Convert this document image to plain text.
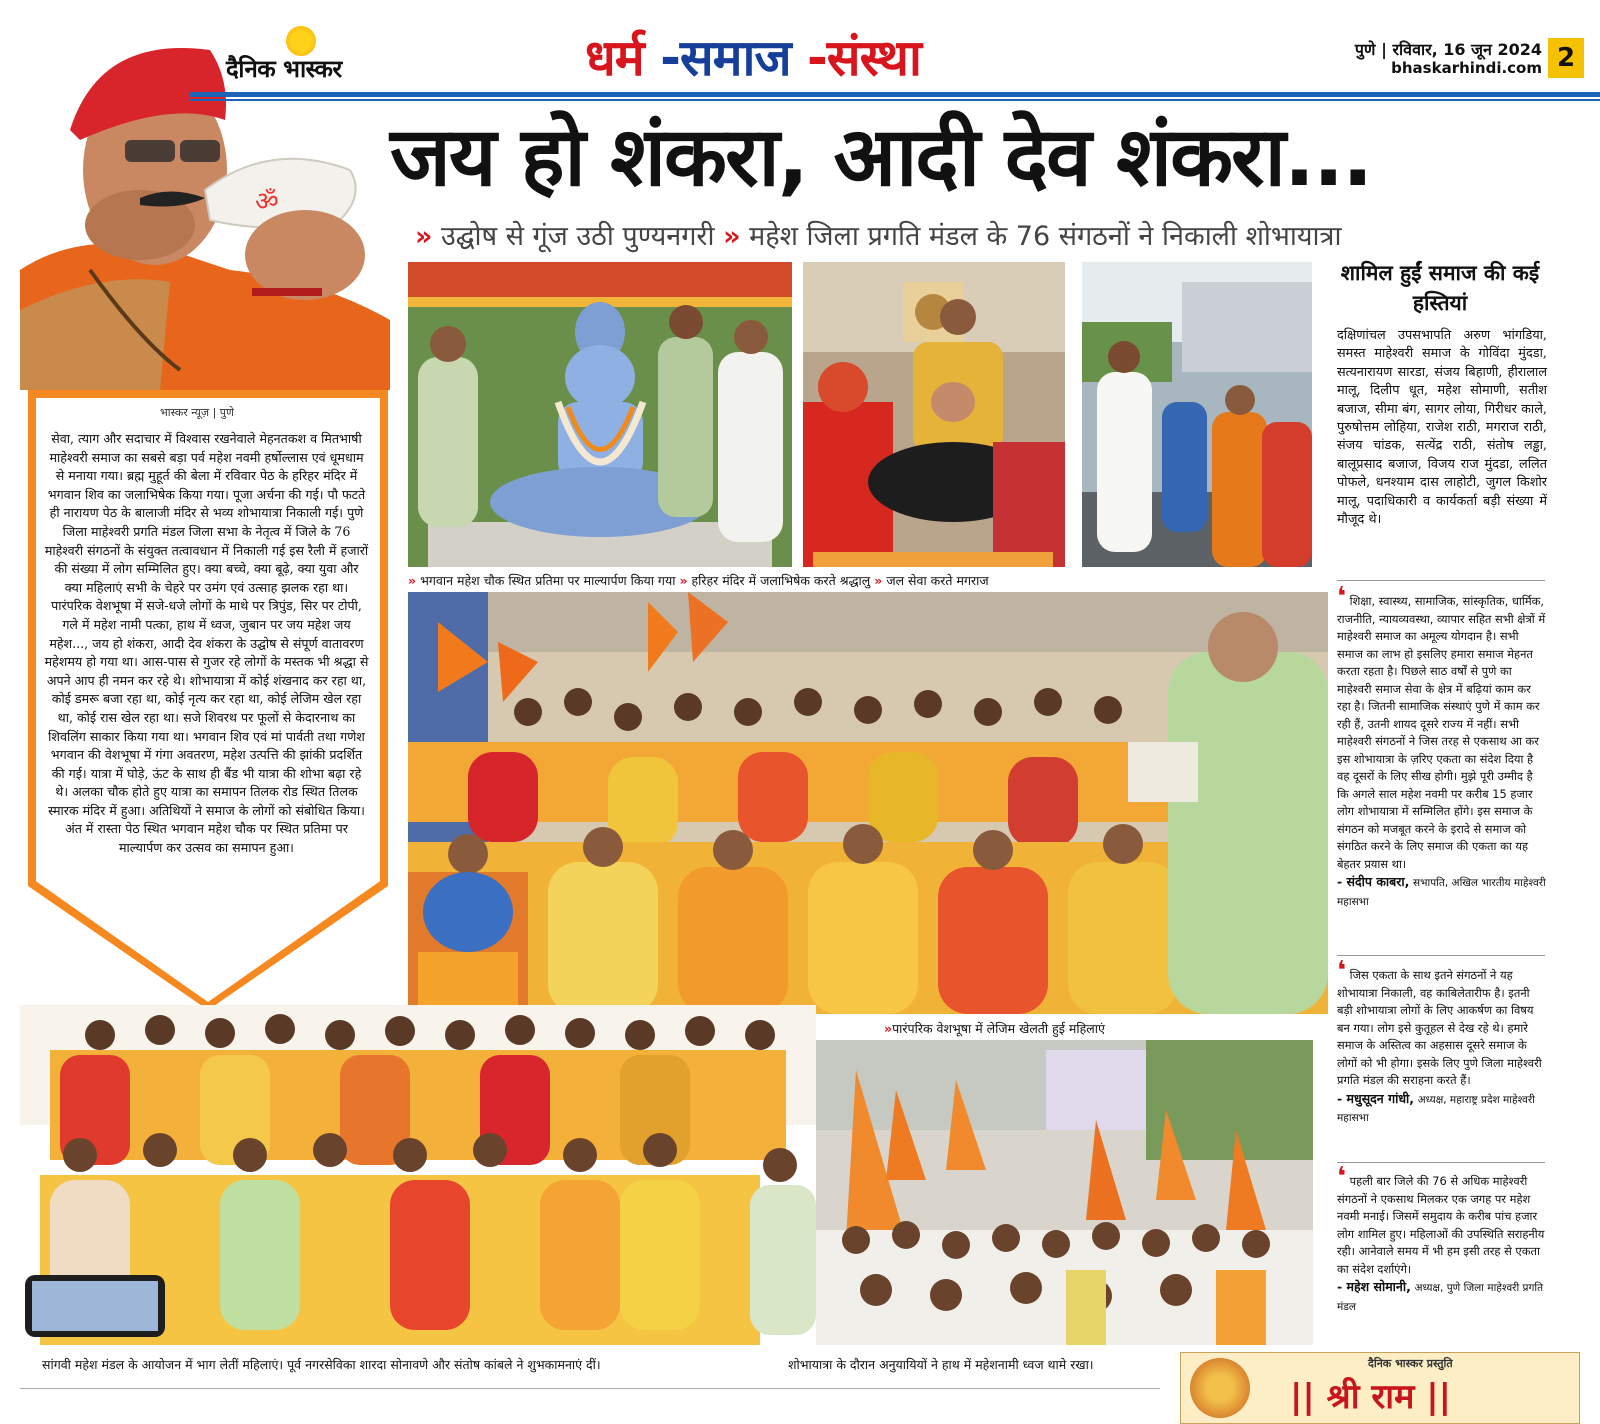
ॐ
दैनिक भास्कर	धर्म -समाज -संस्था	पुणे | रविवार, 16 जून 2024
bhaskarhindi.com 2
जय हो शंकरा, आदी देव शंकरा...
» उद्घोष से गूंज उठी पुण्यनगरी » महेश जिला प्रगति मंडल के 76 संगठनों ने निकाली शोभायात्रा
भास्कर न्यूज़ | पुणे
सेवा, त्याग और सदाचार में विश्वास रखनेवाले मेहनतकश व मितभाषी माहेश्वरी समाज का सबसे बड़ा पर्व महेश नवमी हर्षोल्लास एवं धूमधाम से मनाया गया। ब्रह्म मुहूर्त की बेला में रविवार पेठ के हरिहर मंदिर में भगवान शिव का जलाभिषेक किया गया। पूजा अर्चना की गई। पौ फटते ही नारायण पेठ के बालाजी मंदिर से भव्य शोभायात्रा निकाली गई। पुणे जिला माहेश्वरी प्रगति मंडल जिला सभा के नेतृत्व में जिले के 76 माहेश्वरी संगठनों के संयुक्त तत्वावधान में निकाली गई इस रैली में हजारों की संख्या में लोग सम्मिलित हुए। क्या बच्चे, क्या बूढ़े, क्या युवा और क्या महिलाएं सभी के चेहरे पर उमंग एवं उत्साह झलक रहा था। पारंपरिक वेशभूषा में सजे-धजे लोगों के माथे पर त्रिपुंड, सिर पर टोपी, गले में महेश नामी पत्का, हाथ में ध्वज, जुबान पर जय महेश जय महेश..., जय हो शंकरा, आदी देव शंकरा के उद्घोष से संपूर्ण वातावरण महेशमय हो गया था। आस-पास से गुजर रहे लोगों के मस्तक भी श्रद्धा से अपने आप ही नमन कर रहे थे। शोभायात्रा में कोई शंखनाद कर रहा था, कोई डमरू बजा रहा था, कोई नृत्य कर रहा था, कोई लेजिम खेल रहा था, कोई रास खेल रहा था। सजे शिवरथ पर फूलों से केदारनाथ का शिवलिंग साकार किया गया था। भगवान शिव एवं मां पार्वती तथा गणेश भगवान की वेशभूषा में गंगा अवतरण, महेश उत्पत्ति की झांकी प्रदर्शित की गई। यात्रा में घोड़े, ऊंट के साथ ही बैंड भी यात्रा की शोभा बढ़ा रहे थे। अलका चौक होते हुए यात्रा का समापन तिलक रोड स्थित तिलक स्मारक मंदिर में हुआ। अतिथियों ने समाज के लोगों को संबोधित किया। अंत में रास्ता पेठ स्थित भगवान महेश चौक पर स्थित प्रतिमा पर माल्यार्पण कर उत्सव का समापन हुआ।
» भगवान महेश चौक स्थित प्रतिमा पर माल्यार्पण किया गया » हरिहर मंदिर में जलाभिषेक करते श्रद्धालु » जल सेवा करते मगराज
»पारंपरिक वेशभूषा में लेजिम खेलती हुई महिलाएं
सांगवी महेश मंडल के आयोजन में भाग लेतीं महिलाएं। पूर्व नगरसेविका शारदा सोनावणे और संतोष कांबले ने शुभकामनाएं दीं।	शोभायात्रा के दौरान अनुयायियों ने हाथ में महेशनामी ध्वज थामे रखा।
शामिल हुईं समाज की कई हस्तियां
दक्षिणांचल उपसभापति अरुण भांगडिया, समस्त माहेश्वरी समाज के गोविंदा मुंदडा, सत्यनारायण सारडा, संजय बिहाणी, हीरालाल मालू, दिलीप धूत, महेश सोमाणी, सतीश बजाज, सीमा बंग, सागर लोया, गिरीधर काले, पुरुषोत्तम लोहिया, राजेश राठी, मगराज राठी, संजय चांडक, सत्येंद्र राठी, संतोष लड्ढा, बालूप्रसाद बजाज, विजय राज मुंदडा, ललित पोफले, धनश्याम दास लाहोटी, जुगल किशोर मालू, पदाधिकारी व कार्यकर्ता बड़ी संख्या में मौजूद थे।
❛ शिक्षा, स्वास्थ्य, सामाजिक, सांस्कृतिक, धार्मिक, राजनीति, न्यायव्यवस्था, व्यापार सहित सभी क्षेत्रों में माहेश्वरी समाज का अमूल्य योगदान है। सभी समाज का लाभ हो इसलिए हमारा समाज मेहनत करता रहता है। पिछले साठ वर्षों से पुणे का माहेश्वरी समाज सेवा के क्षेत्र में बढ़ियां काम कर रहा है। जितनी सामाजिक संस्थाएं पुणे में काम कर रही हैं, उतनी शायद दूसरे राज्य में नहीं। सभी माहेश्वरी संगठनों ने जिस तरह से एकसाथ आ कर इस शोभायात्रा के ज़रिए एकता का संदेश दिया है वह दूसरों के लिए सीख होगी। मुझे पूरी उम्मीद है कि अगले साल महेश नवमी पर करीब 15 हजार लोग शोभायात्रा में सम्मिलित होंगे। इस समाज के संगठन को मजबूत करने के इरादे से समाज को संगठित करने के लिए समाज की एकता का यह बेहतर प्रयास था।
- संदीप काबरा, सभापति, अखिल भारतीय माहेश्वरी महासभा
❛ जिस एकता के साथ इतने संगठनों ने यह शोभायात्रा निकाली, वह काबिलेतारीफ है। इतनी बड़ी शोभायात्रा लोगों के लिए आकर्षण का विषय बन गया। लोग इसे कुतूहल से देख रहे थे। हमारे समाज के अस्तित्व का अहसास दूसरे समाज के लोगों को भी होगा। इसके लिए पुणे जिला माहेश्वरी प्रगति मंडल की सराहना करते हैं।
- मधुसूदन गांधी, अध्यक्ष, महाराष्ट्र प्रदेश माहेश्वरी महासभा
❛ पहली बार जिले की 76 से अधिक माहेश्वरी संगठनों ने एकसाथ मिलकर एक जगह पर महेश नवमी मनाई। जिसमें समुदाय के करीब पांच हजार लोग शामिल हुए। महिलाओं की उपस्थिति सराहनीय रही। आनेवाले समय में भी हम इसी तरह से एकता का संदेश दर्शाएंगे।
- महेश सोमानी, अध्यक्ष, पुणे जिला माहेश्वरी प्रगति मंडल
दैनिक भास्कर प्रस्तुति
|| श्री राम ||
